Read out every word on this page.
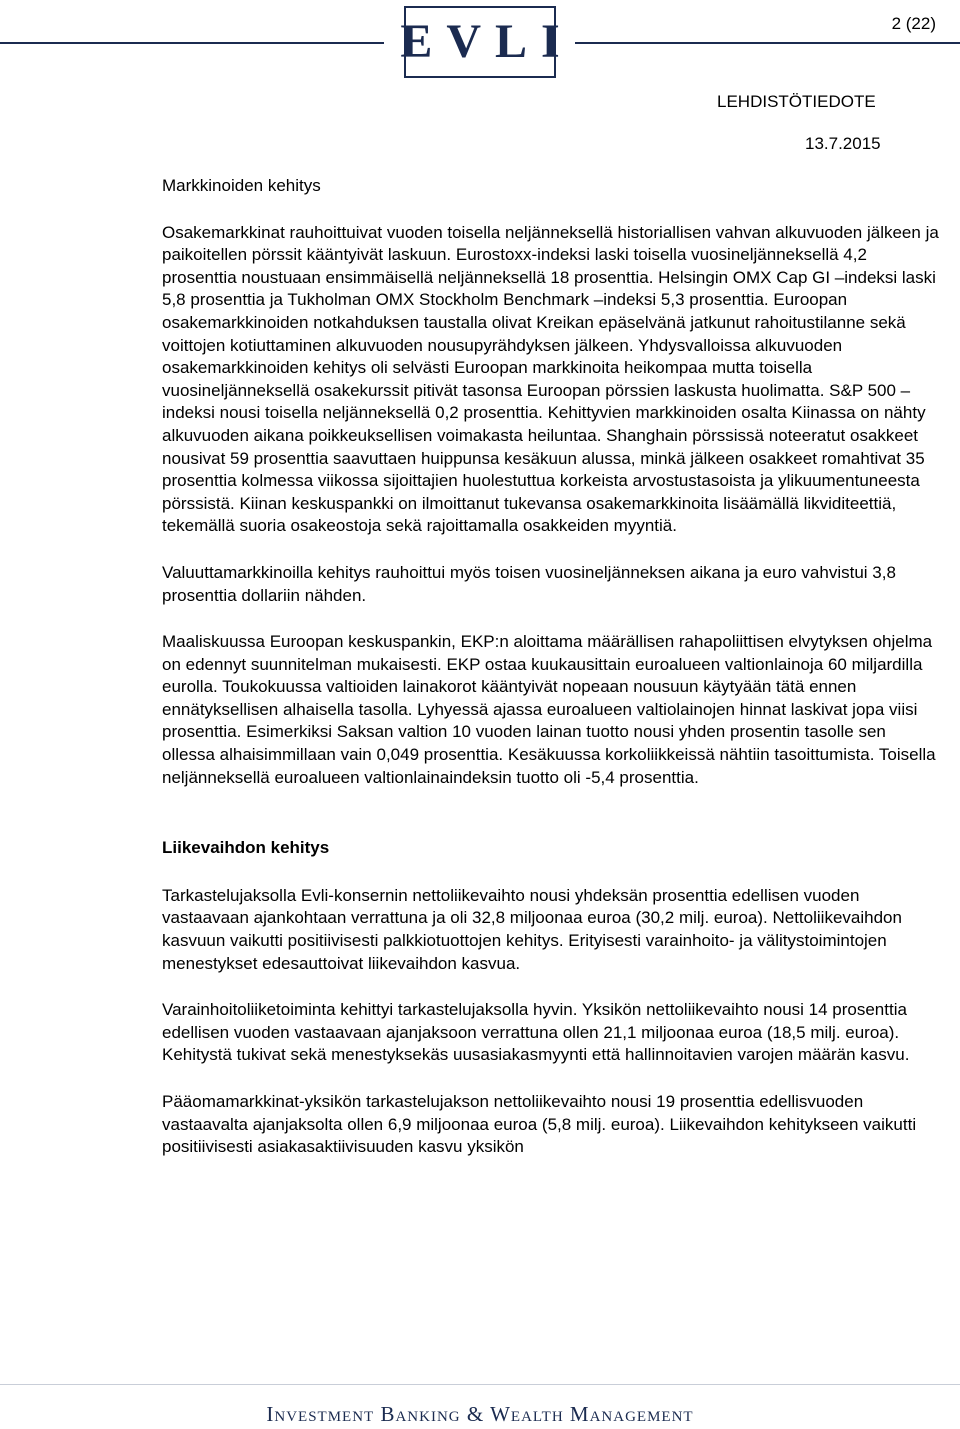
EVLI	2 (22)
LEHDISTÖTIEDOTE
13.7.2015
Markkinoiden kehitys

Osakemarkkinat rauhoittuivat vuoden toisella neljänneksellä historiallisen vahvan alkuvuoden jälkeen ja paikoitellen pörssit kääntyivät laskuun. Eurostoxx-indeksi laski toisella vuosineljänneksellä 4,2 prosenttia noustuaan ensimmäisellä neljänneksellä 18 prosenttia. Helsingin OMX Cap GI –indeksi laski 5,8 prosenttia ja Tukholman OMX Stockholm Benchmark –indeksi 5,3 prosenttia. Euroopan osakemarkkinoiden notkahduksen taustalla olivat Kreikan epäselvänä jatkunut rahoitustilanne sekä voittojen kotiuttaminen alkuvuoden nousupyrähdyksen jälkeen. Yhdysvalloissa alkuvuoden osakemarkkinoiden kehitys oli selvästi Euroopan markkinoita heikompaa mutta toisella vuosineljänneksellä osakekurssit pitivät tasonsa Euroopan pörssien laskusta huolimatta. S&P 500 –indeksi nousi toisella neljänneksellä 0,2 prosenttia. Kehittyvien markkinoiden osalta Kiinassa on nähty alkuvuoden aikana poikkeuksellisen voimakasta heiluntaa. Shanghain pörssissä noteeratut osakkeet nousivat 59 prosenttia saavuttaen huippunsa kesäkuun alussa, minkä jälkeen osakkeet romahtivat 35 prosenttia kolmessa viikossa sijoittajien huolestuttua korkeista arvostustasoista ja ylikuumentuneesta pörssistä. Kiinan keskuspankki on ilmoittanut tukevansa osakemarkkinoita lisäämällä likviditeettiä, tekemällä suoria osakeostoja sekä rajoittamalla osakkeiden myyntiä.

Valuuttamarkkinoilla kehitys rauhoittui myös toisen vuosineljänneksen aikana ja euro vahvistui 3,8 prosenttia dollariin nähden.

Maaliskuussa Euroopan keskuspankin, EKP:n aloittama määrällisen rahapoliittisen elvytyksen ohjelma on edennyt suunnitelman mukaisesti. EKP ostaa kuukausittain euroalueen valtionlainoja 60 miljardilla eurolla. Toukokuussa valtioiden lainakorot kääntyivät nopeaan nousuun käytyään tätä ennen ennätyksellisen alhaisella tasolla. Lyhyessä ajassa euroalueen valtiolainojen hinnat laskivat jopa viisi prosenttia. Esimerkiksi Saksan valtion 10 vuoden lainan tuotto nousi yhden prosentin tasolle sen ollessa alhaisimmillaan vain 0,049 prosenttia. Kesäkuussa korkoliikkeissä nähtiin tasoittumista. Toisella neljänneksellä euroalueen valtionlainaindeksin tuotto oli -5,4 prosenttia.

Liikevaihdon kehitys

Tarkastelujaksolla Evli-konsernin nettoliikevaihto nousi yhdeksän prosenttia edellisen vuoden vastaavaan ajankohtaan verrattuna ja oli 32,8 miljoonaa euroa (30,2 milj. euroa). Nettoliikevaihdon kasvuun vaikutti positiivisesti palkkiotuottojen kehitys. Erityisesti varainhoito- ja välitystoimintojen menestykset edesauttoivat liikevaihdon kasvua.

Varainhoitoliiketoiminta kehittyi tarkastelujaksolla hyvin. Yksikön nettoliikevaihto nousi 14 prosenttia edellisen vuoden vastaavaan ajanjaksoon verrattuna ollen 21,1 miljoonaa euroa (18,5 milj. euroa). Kehitystä tukivat sekä menestyksekäs uusasiakasmyynti että hallinnoitavien varojen määrän kasvu.

Pääomamarkkinat-yksikön tarkastelujakson nettoliikevaihto nousi 19 prosenttia edellisvuoden vastaavalta ajanjaksolta ollen 6,9 miljoonaa euroa (5,8 milj. euroa). Liikevaihdon kehitykseen vaikutti positiivisesti asiakasaktiivisuuden kasvu yksikön

Investment Banking & Wealth Management
